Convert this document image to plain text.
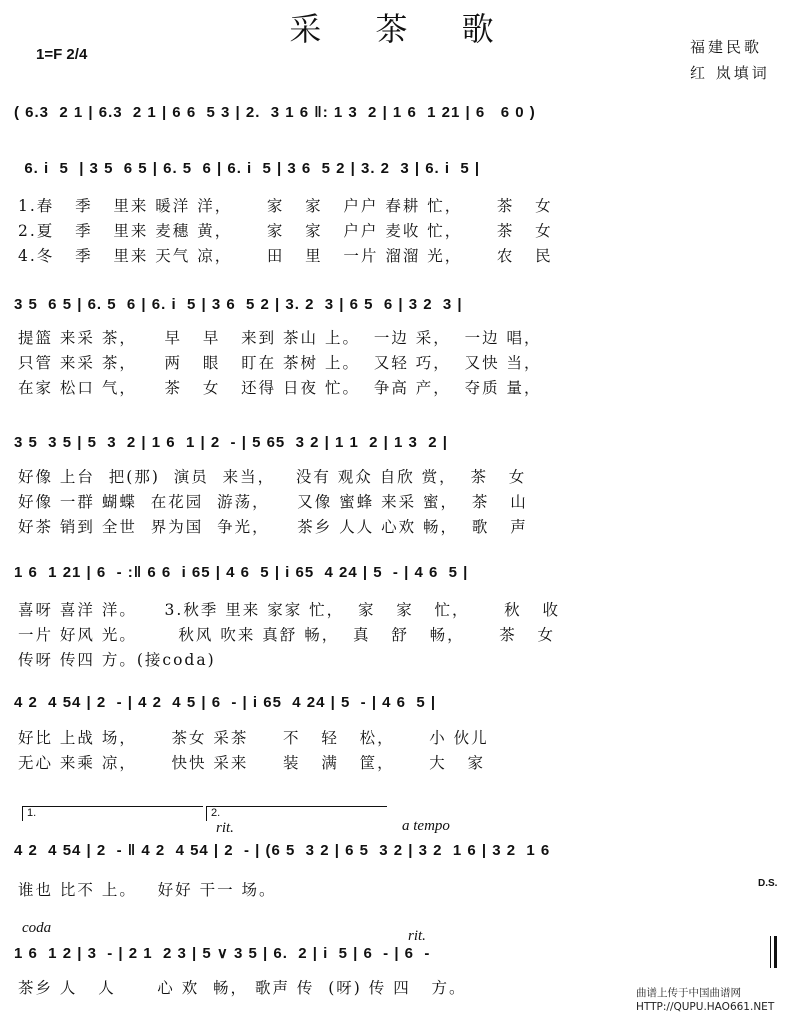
采 茶 歌
1=F 2/4	福建民歌
红 岚填词
( 6.3  2 1 | 6.3  2 1 | 6 6  5 3 | 2.  3 1 6 ‖: 1 3  2 | 1 6  1 21 | 6   6 0 )
6. i  5  | 3 5  6 5 | 6. 5  6 | 6. i  5 | 3 6  5 2 | 3. 2  3 | 6. i  5 |
1.春   季   里来 暖洋 洋，     家   家   户户 春耕 忙，     茶   女
2.夏   季   里来 麦穗 黄，     家   家   户户 麦收 忙，     茶   女
4.冬   季   里来 天气 凉，     田   里   一片 溜溜 光，     农   民
3 5  6 5 | 6. 5  6 | 6. i  5 | 3 6  5 2 | 3. 2  3 | 6 5  6 | 3 2  3 |
提篮 来采 茶，    早   早   来到 茶山 上。  一边 采，  一边 唱，
只管 来采 茶，    两   眼   盯在 茶树 上。  又轻 巧，  又快 当，
在家 松口 气，    茶   女   还得 日夜 忙。  争高 产，  夺质 量，
3 5  3 5 | 5  3  2 | 1 6  1 | 2  - | 5 65  3 2 | 1 1  2 | 1 3  2 |
好像 上台  把(那)  演员  来当，   没有 观众 自欣 赏，  茶   女
好像 一群 蝴蝶  在花园  游荡，    又像 蜜蜂 来采 蜜，  茶   山
好茶 销到 全世  界为国  争光，    茶乡 人人 心欢 畅，  歌   声
1 6  1 21 | 6  - :‖ 6 6  i 65 | 4 6  5 | i 65  4 24 | 5  - | 4 6  5 |
喜呀 喜洋 洋。    3.秋季 里来 家家 忙，  家   家   忙，     秋   收
一片 好风 光。      秋风 吹来 真舒 畅，  真   舒   畅，     茶   女
传呀 传四 方。(接coda)
4 2  4 54 | 2  - | 4 2  4 5 | 6  - | i 65  4 24 | 5  - | 4 6  5 |
好比 上战 场，     茶女 采茶     不   轻   松，     小 伙儿
无心 来乘 凉，     快快 采来     装   满   筐，     大   家
1.	2.
rit.	a tempo
4 2  4 54 | 2  - ‖ 4 2  4 54 | 2  - | (6 5  3 2 | 6 5  3 2 | 3 2  1 6 | 3 2  1 6
谁也 比不 上。   好好 干一 场。	D.S.
coda	rit.
1 6  1 2 | 3  - | 2 1  2 3 | 5 ∨ 3 5 | 6.  2 | i  5 | 6  - | 6  -
茶乡 人   人      心 欢  畅， 歌声 传  (呀) 传 四   方。	曲谱上传于中国曲谱网
HTTP://QUPU.HAO661.NET
